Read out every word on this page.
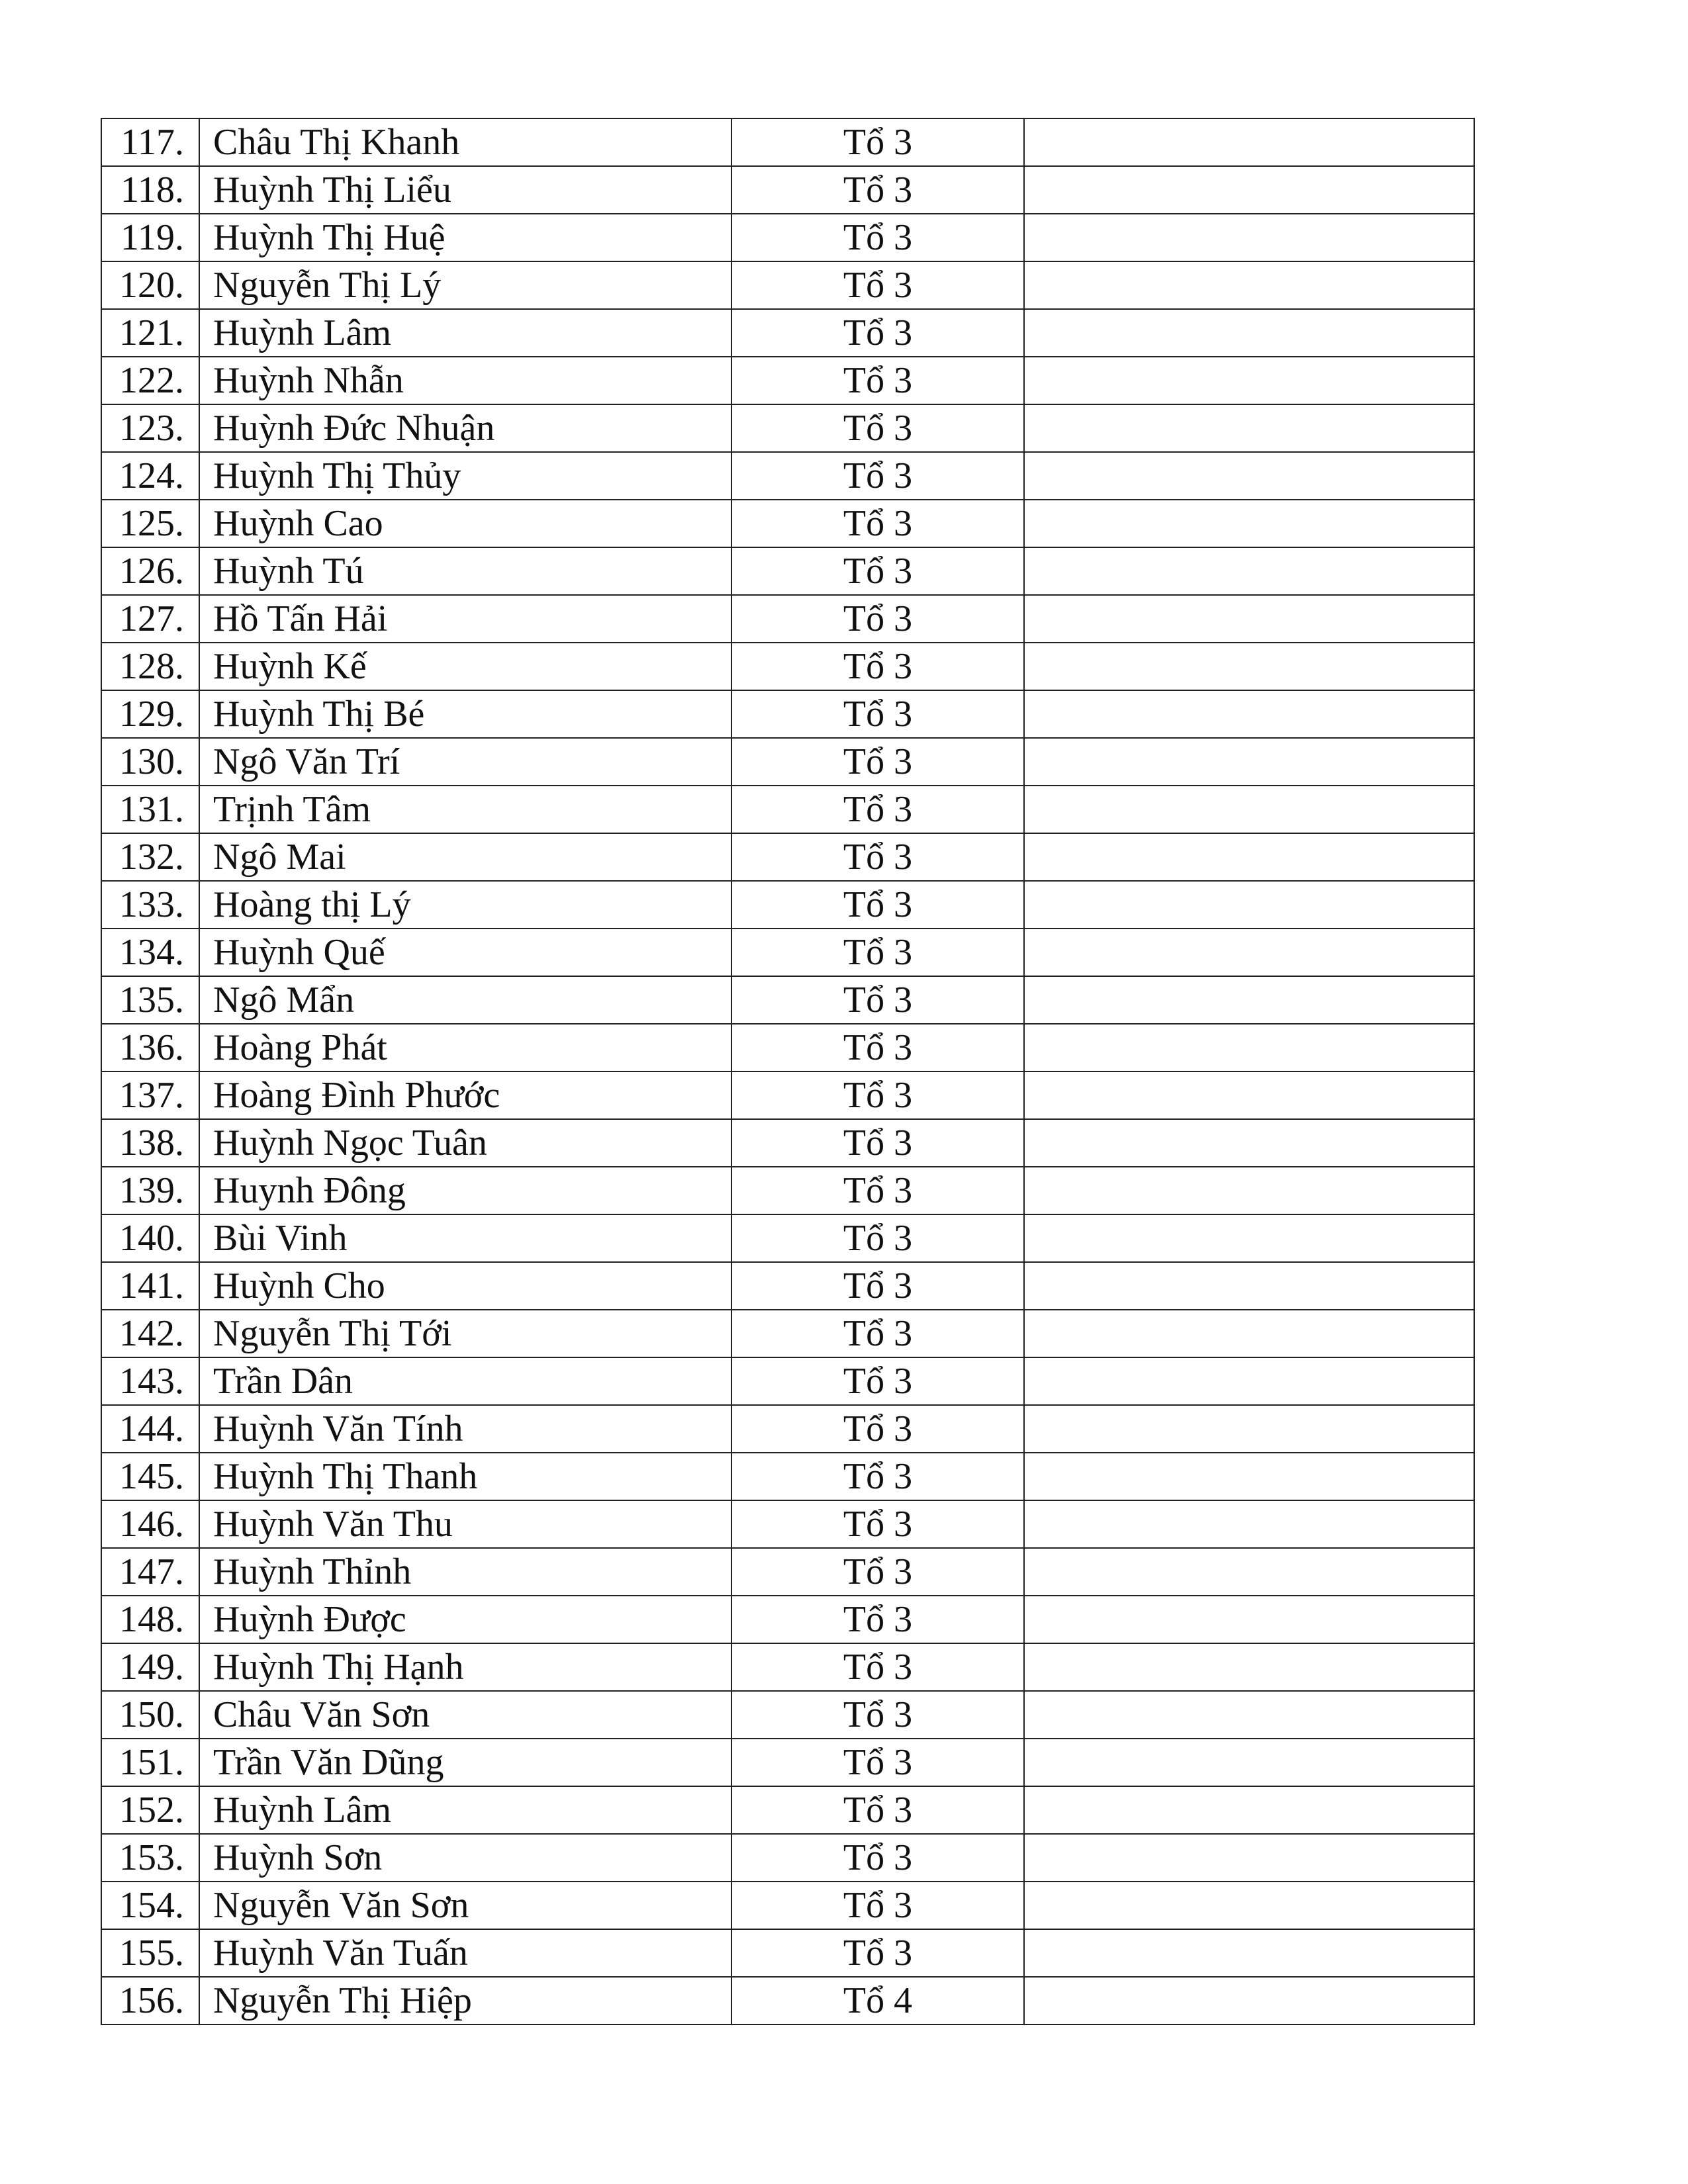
117.	Châu Thị Khanh	Tổ 3	
118.	Huỳnh Thị Liểu	Tổ 3	
119.	Huỳnh Thị Huệ	Tổ 3	
120.	Nguyễn Thị Lý	Tổ 3	
121.	Huỳnh Lâm	Tổ 3	
122.	Huỳnh Nhẫn	Tổ 3	
123.	Huỳnh Đức Nhuận	Tổ 3	
124.	Huỳnh Thị Thủy	Tổ 3	
125.	Huỳnh Cao	Tổ 3	
126.	Huỳnh Tú	Tổ 3	
127.	Hồ Tấn Hải	Tổ 3	
128.	Huỳnh Kế	Tổ 3	
129.	Huỳnh Thị Bé	Tổ 3	
130.	Ngô Văn Trí	Tổ 3	
131.	Trịnh Tâm	Tổ 3	
132.	Ngô Mai	Tổ 3	
133.	Hoàng thị Lý	Tổ 3	
134.	Huỳnh Quế	Tổ 3	
135.	Ngô Mẩn	Tổ 3	
136.	Hoàng Phát	Tổ 3	
137.	Hoàng Đình Phước	Tổ 3	
138.	Huỳnh Ngọc Tuân	Tổ 3	
139.	Huynh Đông	Tổ 3	
140.	Bùi Vinh	Tổ 3	
141.	Huỳnh Cho	Tổ 3	
142.	Nguyễn Thị Tới	Tổ 3	
143.	Trần Dân	Tổ 3	
144.	Huỳnh Văn Tính	Tổ 3	
145.	Huỳnh Thị Thanh	Tổ 3	
146.	Huỳnh Văn Thu	Tổ 3	
147.	Huỳnh Thỉnh	Tổ 3	
148.	Huỳnh Được	Tổ 3	
149.	Huỳnh Thị Hạnh	Tổ 3	
150.	Châu Văn Sơn	Tổ 3	
151.	Trần Văn Dũng	Tổ 3	
152.	Huỳnh Lâm	Tổ 3	
153.	Huỳnh Sơn	Tổ 3	
154.	Nguyễn Văn Sơn	Tổ 3	
155.	Huỳnh Văn Tuấn	Tổ 3	
156.	Nguyễn Thị Hiệp	Tổ 4	
